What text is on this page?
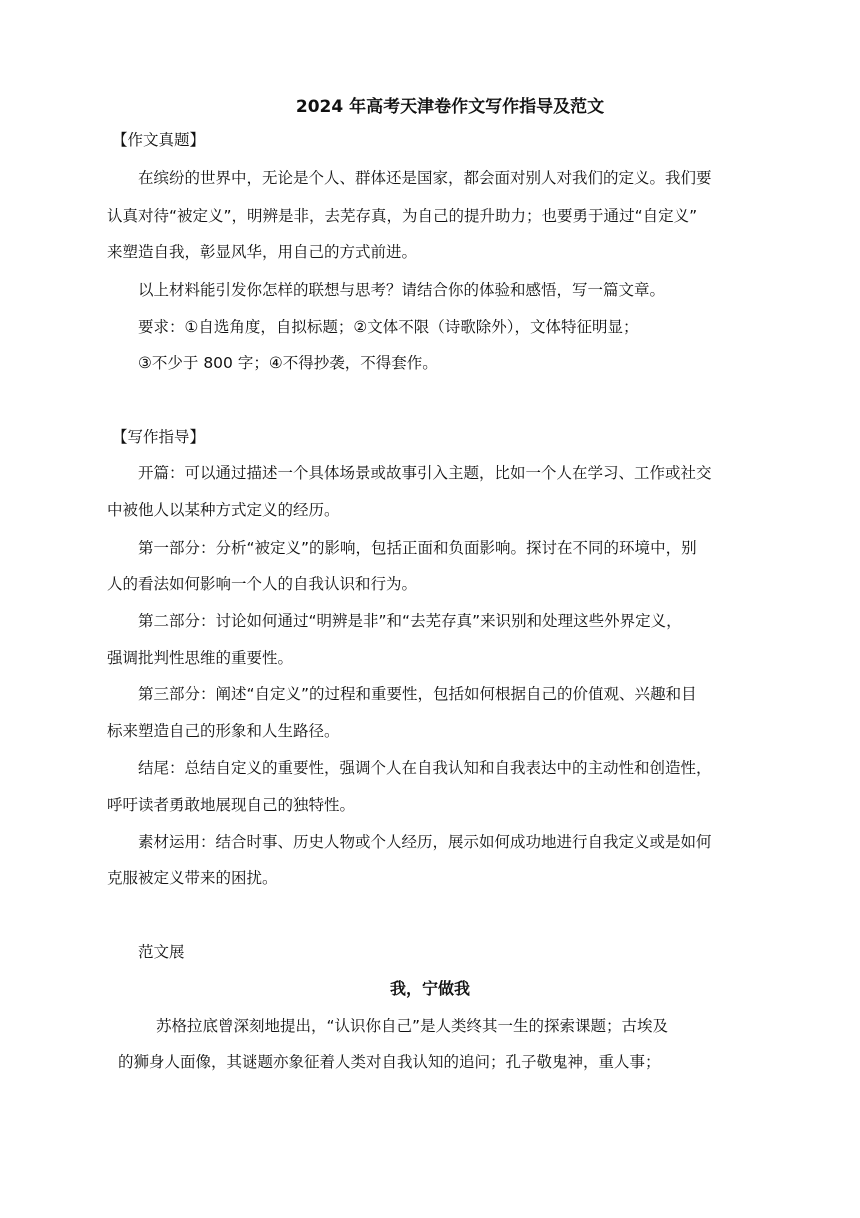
2024 年高考天津卷作文写作指导及范文
【作文真题】
在缤纷的世界中，无论是个人、群体还是国家，都会面对别人对我们的定义。我们要
认真对待“被定义”，明辨是非，去芜存真，为自己的提升助力；也要勇于通过“自定义”
来塑造自我，彰显风华，用自己的方式前进。
以上材料能引发你怎样的联想与思考？请结合你的体验和感悟，写一篇文章。
要求：①自选角度，自拟标题；②文体不限（诗歌除外），文体特征明显；
③不少于 800 字；④不得抄袭，不得套作。
【写作指导】
开篇：可以通过描述一个具体场景或故事引入主题，比如一个人在学习、工作或社交
中被他人以某种方式定义的经历。
第一部分：分析“被定义”的影响，包括正面和负面影响。探讨在不同的环境中，别
人的看法如何影响一个人的自我认识和行为。
第二部分：讨论如何通过“明辨是非”和“去芜存真”来识别和处理这些外界定义，
强调批判性思维的重要性。
第三部分：阐述“自定义”的过程和重要性，包括如何根据自己的价值观、兴趣和目
标来塑造自己的形象和人生路径。
结尾：总结自定义的重要性，强调个人在自我认知和自我表达中的主动性和创造性，
呼吁读者勇敢地展现自己的独特性。
素材运用：结合时事、历史人物或个人经历，展示如何成功地进行自我定义或是如何
克服被定义带来的困扰。
范文展
我，宁做我
苏格拉底曾深刻地提出，“认识你自己”是人类终其一生的探索课题；古埃及
的狮身人面像，其谜题亦象征着人类对自我认知的追问；孔子敬鬼神，重人事；
